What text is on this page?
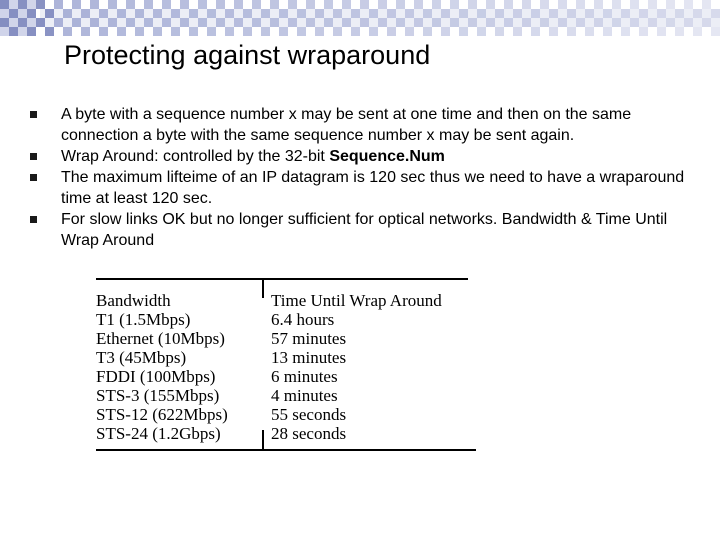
Protecting against wraparound
A byte with a sequence number x may be sent at one time and then on the same connection a byte with the same sequence number x may be sent again.
Wrap Around: controlled by the 32-bit Sequence.Num
The maximum lifteime of an IP datagram is 120 sec thus we need to have a wraparound time at least 120 sec.
For slow links OK but no longer sufficient for optical networks. Bandwidth & Time Until Wrap Around
Bandwidth
T1 (1.5Mbps)
Ethernet (10Mbps)
T3 (45Mbps)
FDDI (100Mbps)
STS-3 (155Mbps)
STS-12 (622Mbps)
STS-24 (1.2Gbps)
Time Until Wrap Around
6.4 hours
57 minutes
13 minutes
6 minutes
4 minutes
55 seconds
28 seconds
